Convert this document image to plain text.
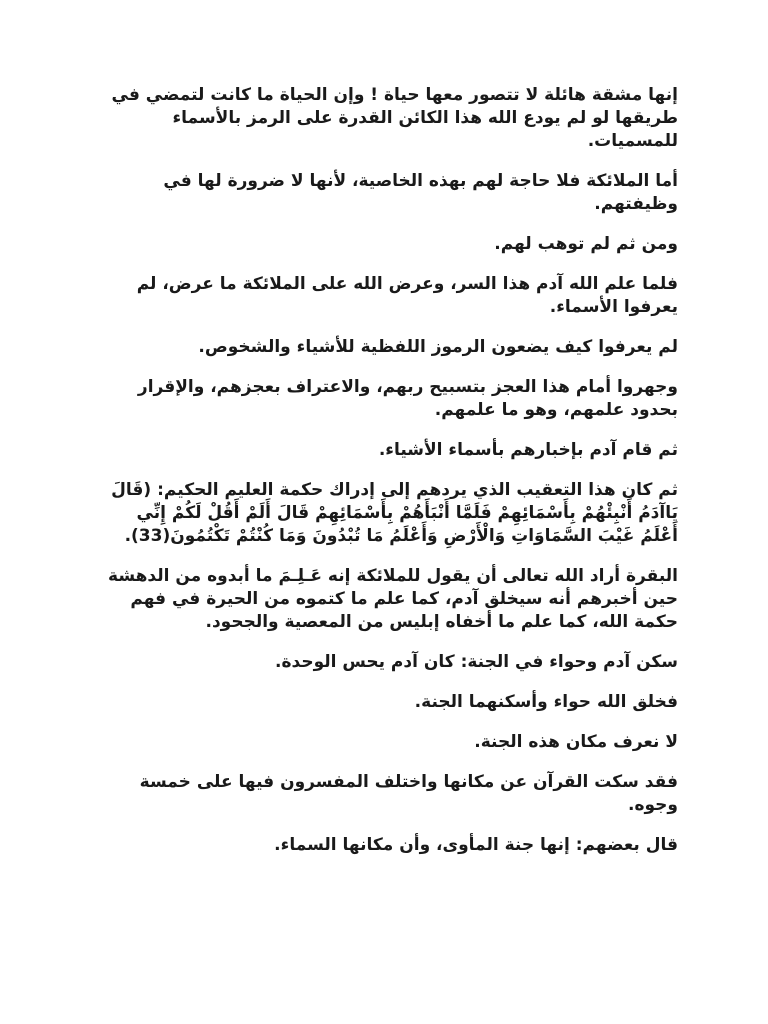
إنها مشقة هائلة لا تتصور معها حياة ! وإن الحياة ما كانت لتمضي في طريقها لو لم يودع الله هذا الكائن القدرة على الرمز بالأسماء للمسميات.

أما الملائكة فلا حاجة لهم بهذه الخاصية، لأنها لا ضرورة لها في وظيفتهم.

ومن ثم لم توهب لهم.

فلما علم الله آدم هذا السر، وعرض الله على الملائكة ما عرض، لم يعرفوا الأسماء.

لم يعرفوا كيف يضعون الرموز اللفظية للأشياء والشخوص.

وجهروا أمام هذا العجز بتسبيح ربهم، والاعتراف بعجزهم، والإقرار بحدود علمهم، وهو ما علمهم.

ثم قام آدم بإخبارهم بأسماء الأشياء.

ثم كان هذا التعقيب الذي يردهم إلى إدراك حكمة العليم الحكيم: (قَالَ يَاآدَمُ أَنْبِئْهُمْ بِأَسْمَائِهِمْ فَلَمَّا أَنْبَأَهُمْ بِأَسْمَائِهِمْ قَالَ أَلَمْ أَقُلْ لَكُمْ إِنِّي أَعْلَمُ غَيْبَ السَّمَاوَاتِ وَالْأَرْضِ وَأَعْلَمُ مَا تُبْدُونَ وَمَا كُنْتُمْ تَكْتُمُونَ(33).

البقرة أراد الله تعالى أن يقول للملائكة إنه عَـلِـمَ ما أبدوه من الدهشة حين أخبرهم أنه سيخلق آدم، كما علم ما كتموه من الحيرة في فهم حكمة الله، كما علم ما أخفاه إبليس من المعصية والجحود.

سكن آدم وحواء في الجنة: كان آدم يحس الوحدة.

فخلق الله حواء وأسكنهما الجنة.

لا نعرف مكان هذه الجنة.

فقد سكت القرآن عن مكانها واختلف المفسرون فيها على خمسة وجوه.

قال بعضهم: إنها جنة المأوى، وأن مكانها السماء.
